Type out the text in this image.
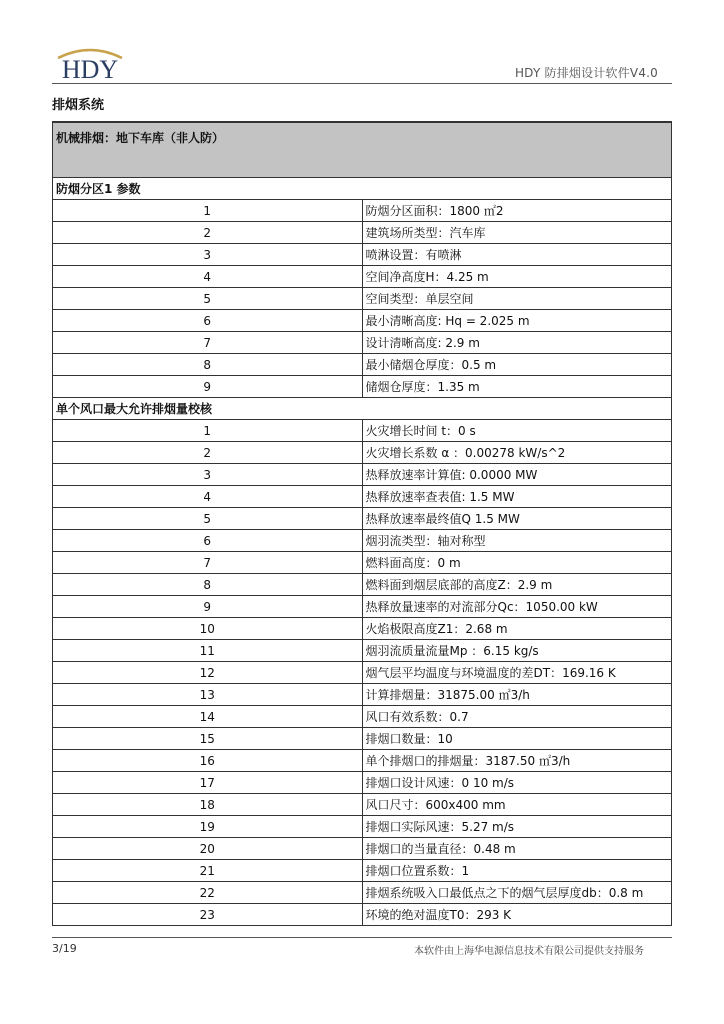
HDY	HDY 防排烟设计软件V4.0
排烟系统
机械排烟：地下车库（非人防）	
防烟分区1 参数	
1	防烟分区面积：1800 ㎡2
2	建筑场所类型：汽车库
3	喷淋设置：有喷淋
4	空间净高度H：4.25 m
5	空间类型：单层空间
6	最小清晰高度: Hq = 2.025 m
7	设计清晰高度: 2.9 m
8	最小储烟仓厚度：0.5 m
9	储烟仓厚度：1.35 m
单个风口最大允许排烟量校核	
1	火灾增长时间 t：0 s
2	火灾增长系数 α ：0.00278 kW/s^2
3	热释放速率计算值: 0.0000 MW
4	热释放速率查表值: 1.5 MW
5	热释放速率最终值Q 1.5 MW
6	烟羽流类型：轴对称型
7	燃料面高度：0 m
8	燃料面到烟层底部的高度Z：2.9 m
9	热释放量速率的对流部分Qc：1050.00 kW
10	火焰极限高度Z1：2.68 m
11	烟羽流质量流量Mp ：6.15 kg/s
12	烟气层平均温度与环境温度的差DT：169.16 K
13	计算排烟量：31875.00 ㎡3/h
14	风口有效系数：0.7
15	排烟口数量：10
16	单个排烟口的排烟量：3187.50 ㎡3/h
17	排烟口设计风速：0 10 m/s
18	风口尺寸：600x400 mm
19	排烟口实际风速：5.27 m/s
20	排烟口的当量直径：0.48 m
21	排烟口位置系数：1
22	排烟系统吸入口最低点之下的烟气层厚度db：0.8 m
23	环境的绝对温度T0：293 K
3/19	本软件由上海华电源信息技术有限公司提供支持服务
